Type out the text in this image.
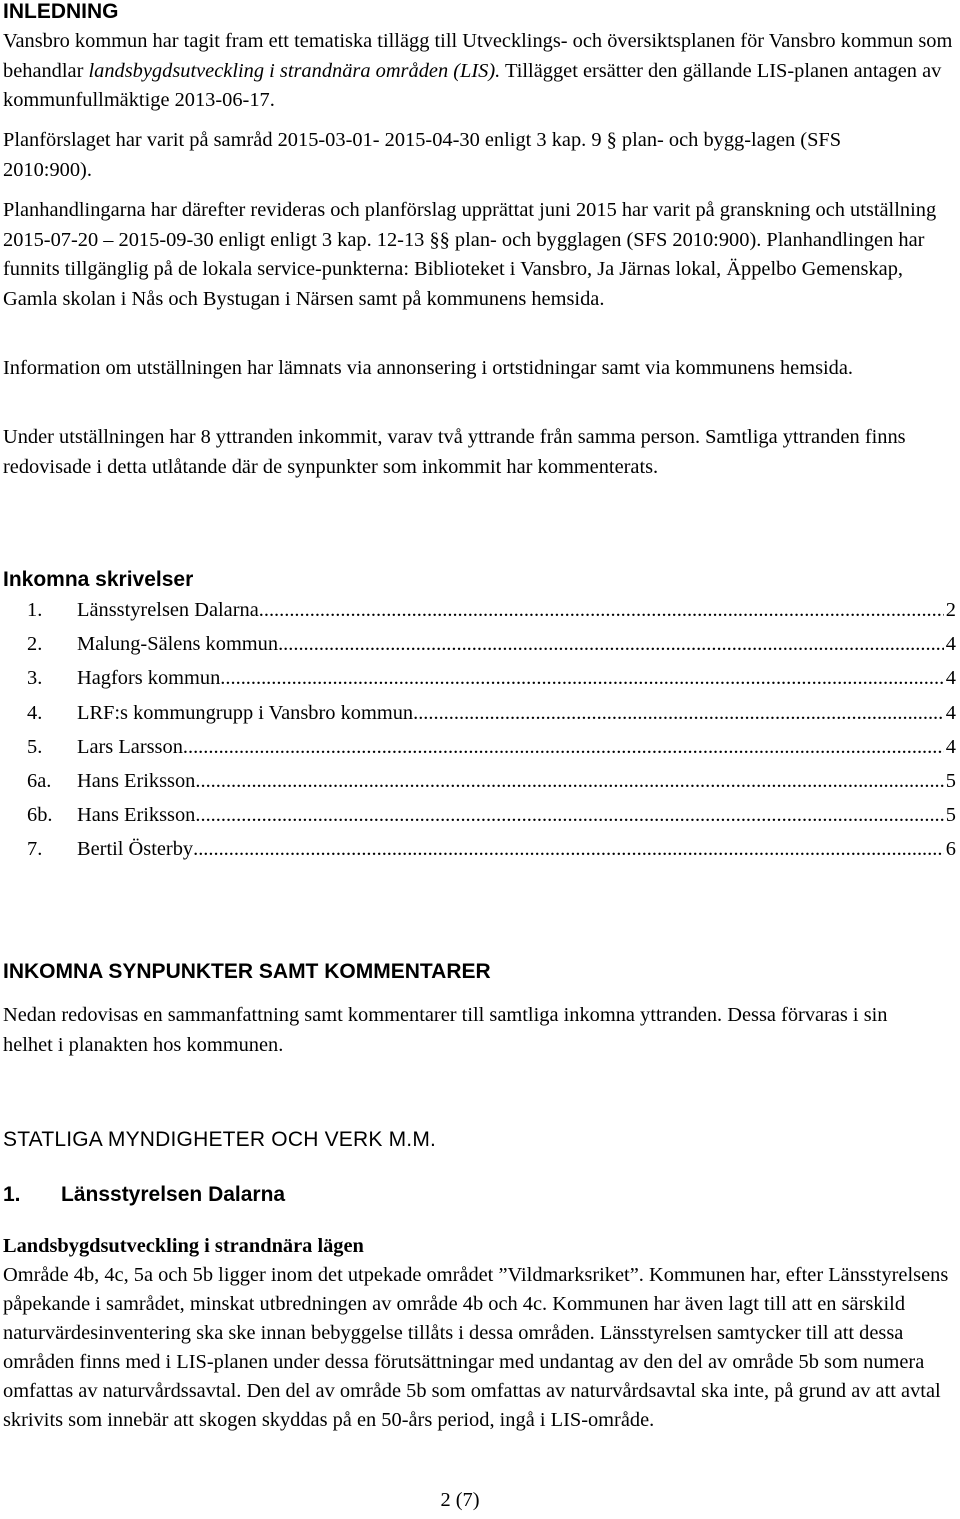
INLEDNING

Vansbro kommun har tagit fram ett tematiska tillägg till Utvecklings- och översiktsplanen för Vansbro kommun som behandlar landsbygdsutveckling i strandnära områden (LIS). Tillägget ersätter den gällande LIS-planen antagen av kommunfullmäktige 2013-06-17.

Planförslaget har varit på samråd 2015-03-01- 2015-04-30 enligt 3 kap. 9 § plan- och bygg-lagen (SFS 2010:900).

Planhandlingarna har därefter revideras och planförslag upprättat juni 2015 har varit på granskning och utställning 2015-07-20 – 2015-09-30 enligt enligt 3 kap. 12-13 §§ plan- och bygglagen (SFS 2010:900). Planhandlingen har funnits tillgänglig på de lokala service-punkterna: Biblioteket i Vansbro, Ja Järnas lokal, Äppelbo Gemenskap, Gamla skolan i Nås och Bystugan i Närsen samt på kommunens hemsida.

Information om utställningen har lämnats via annonsering i ortstidningar samt via kommunens hemsida.

Under utställningen har 8 yttranden inkommit, varav två yttrande från samma person. Samtliga yttranden finns redovisade i detta utlåtande där de synpunkter som inkommit har kommenterats.

Inkomna skrivelser
1.	Länsstyrelsen Dalarna .....	2
2.	Malung-Sälens kommun .....	4
3.	Hagfors kommun .....	4
4.	LRF:s kommungrupp i Vansbro kommun .....	4
5.	Lars Larsson .....	4
6a.	Hans Eriksson .....	5
6b.	Hans Eriksson .....	5
7.	Bertil Österby .....	6
INKOMNA SYNPUNKTER SAMT KOMMENTARER

Nedan redovisas en sammanfattning samt kommentarer till samtliga inkomna yttranden. Dessa förvaras i sin helhet i planakten hos kommunen.

STATLIGA MYNDIGHETER OCH VERK M.M.
1. Länsstyrelsen Dalarna
Landsbygdsutveckling i strandnära lägen

Område 4b, 4c, 5a och 5b ligger inom det utpekade området ”Vildmarksriket”. Kommunen har, efter Länsstyrelsens påpekande i samrådet, minskat utbredningen av område 4b och 4c. Kommunen har även lagt till att en särskild naturvärdesinventering ska ske innan bebyggelse tillåts i dessa områden. Länsstyrelsen samtycker till att dessa områden finns med i LIS-planen under dessa förutsättningar med undantag av den del av område 5b som numera omfattas av naturvårdssavtal. Den del av område 5b som omfattas av naturvårdsavtal ska inte, på grund av att avtal skrivits som innebär att skogen skyddas på en 50-års period, ingå i LIS-område.

2 (7)
